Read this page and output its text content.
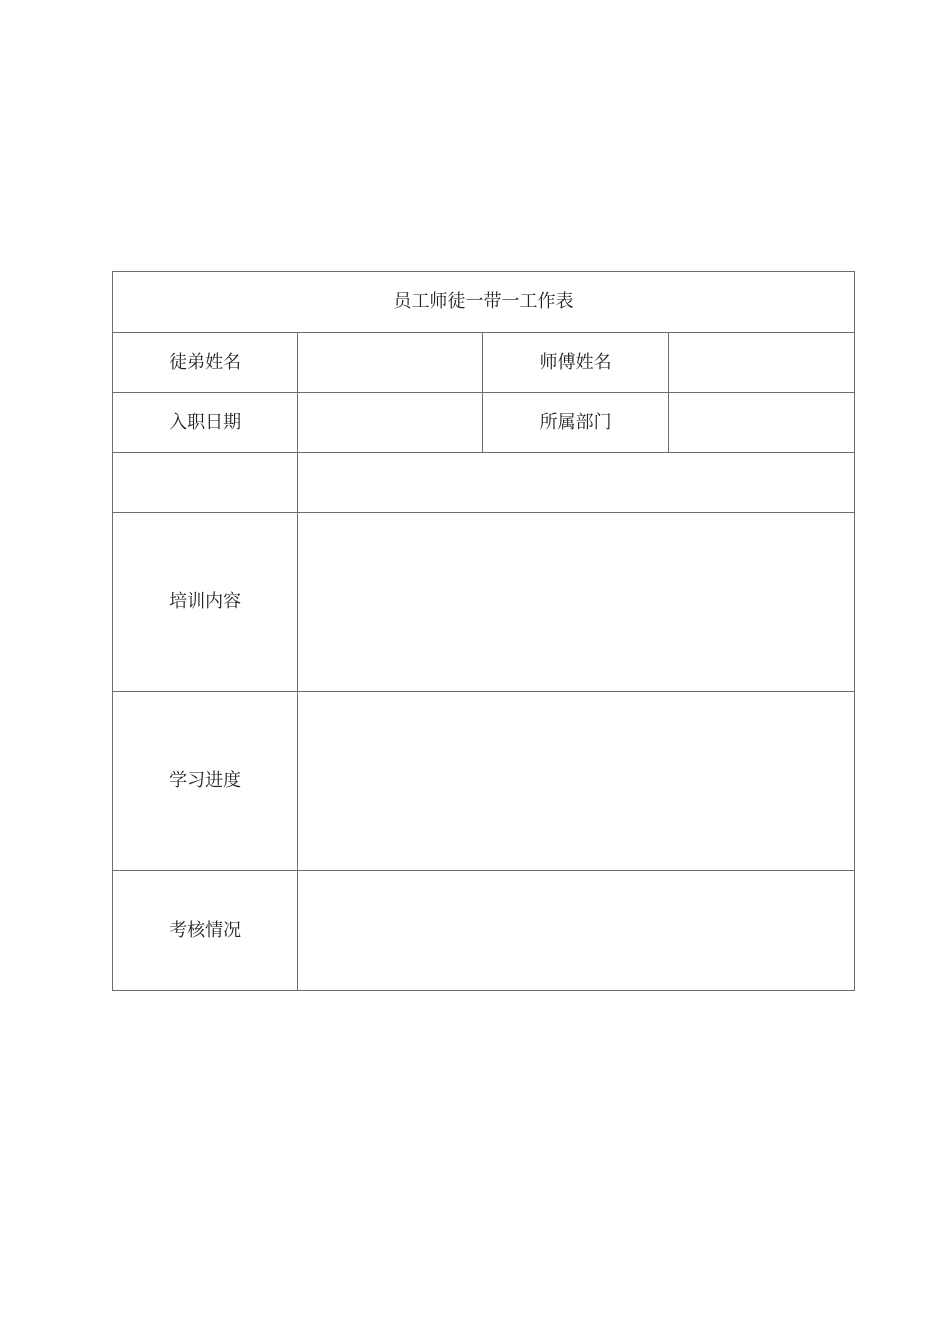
员工师徒一带一工作表			
徒弟姓名		师傅姓名	
入职日期		所属部门	

培训内容			
学习进度			
考核情况			
